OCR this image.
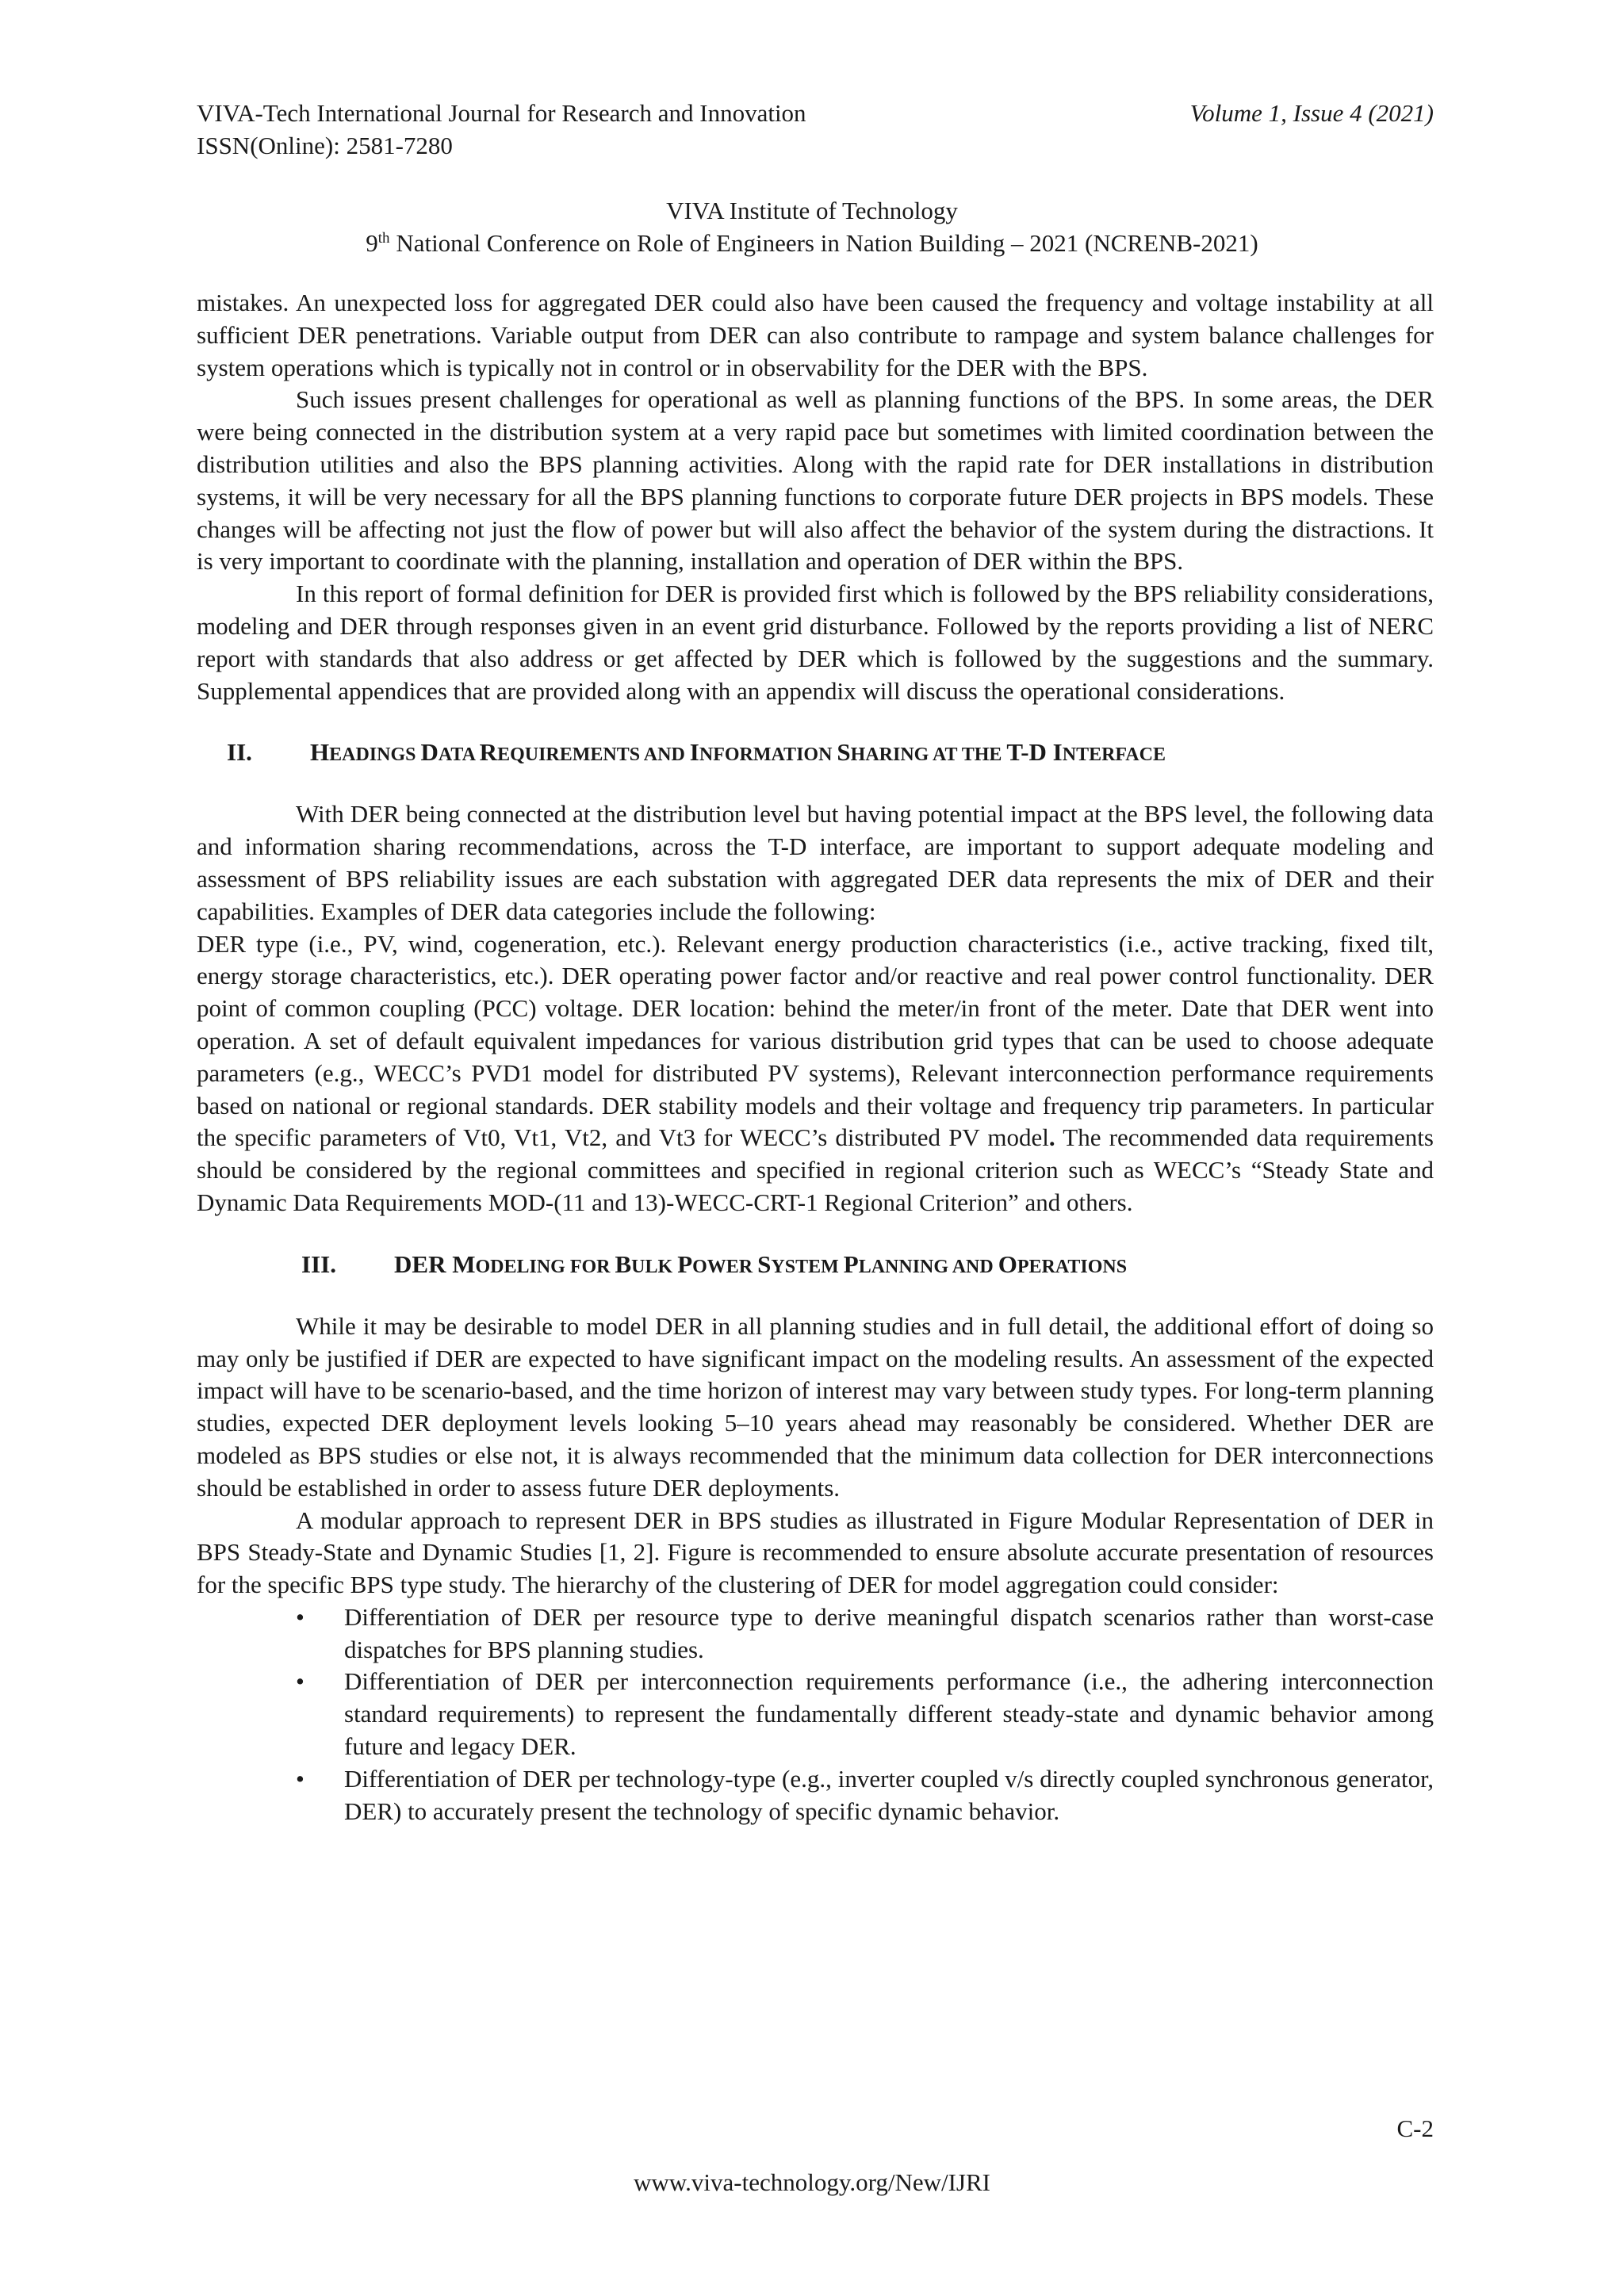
VIVA-Tech International Journal for Research and Innovation
ISSN(Online): 2581-7280
Volume 1, Issue 4 (2021)
VIVA Institute of Technology
9th National Conference on Role of Engineers in Nation Building – 2021 (NCRENB-2021)

mistakes. An unexpected loss for aggregated DER could also have been caused the frequency and voltage instability at all sufficient DER penetrations. Variable output from DER can also contribute to rampage and system balance challenges for system operations which is typically not in control or in observability for the DER with the BPS.

Such issues present challenges for operational as well as planning functions of the BPS. In some areas, the DER were being connected in the distribution system at a very rapid pace but sometimes with limited coordination between the distribution utilities and also the BPS planning activities. Along with the rapid rate for DER installations in distribution systems, it will be very necessary for all the BPS planning functions to corporate future DER projects in BPS models. These changes will be affecting not just the flow of power but will also affect the behavior of the system during the distractions. It is very important to coordinate with the planning, installation and operation of DER within the BPS.

In this report of formal definition for DER is provided first which is followed by the BPS reliability considerations, modeling and DER through responses given in an event grid disturbance. Followed by the reports providing a list of NERC report with standards that also address or get affected by DER which is followed by the suggestions and the summary. Supplemental appendices that are provided along with an appendix will discuss the operational considerations.

II.	HEADINGS DATA REQUIREMENTS AND INFORMATION SHARING AT THE T-D INTERFACE

With DER being connected at the distribution level but having potential impact at the BPS level, the following data and information sharing recommendations, across the T-D interface, are important to support adequate modeling and assessment of BPS reliability issues are each substation with aggregated DER data represents the mix of DER and their capabilities. Examples of DER data categories include the following:

DER type (i.e., PV, wind, cogeneration, etc.). Relevant energy production characteristics (i.e., active tracking, fixed tilt, energy storage characteristics, etc.). DER operating power factor and/or reactive and real power control functionality. DER point of common coupling (PCC) voltage. DER location: behind the meter/in front of the meter. Date that DER went into operation. A set of default equivalent impedances for various distribution grid types that can be used to choose adequate parameters (e.g., WECC’s PVD1 model for distributed PV systems), Relevant interconnection performance requirements based on national or regional standards. DER stability models and their voltage and frequency trip parameters. In particular the specific parameters of Vt0, Vt1, Vt2, and Vt3 for WECC’s distributed PV model. The recommended data requirements should be considered by the regional committees and specified in regional criterion such as WECC’s “Steady State and Dynamic Data Requirements MOD-(11 and 13)-WECC-CRT-1 Regional Criterion” and others.

III.	DER MODELING FOR BULK POWER SYSTEM PLANNING AND OPERATIONS

While it may be desirable to model DER in all planning studies and in full detail, the additional effort of doing so may only be justified if DER are expected to have significant impact on the modeling results. An assessment of the expected impact will have to be scenario-based, and the time horizon of interest may vary between study types. For long-term planning studies, expected DER deployment levels looking 5–10 years ahead may reasonably be considered. Whether DER are modeled as BPS studies or else not, it is always recommended that the minimum data collection for DER interconnections should be established in order to assess future DER deployments.

A modular approach to represent DER in BPS studies as illustrated in Figure Modular Representation of DER in BPS Steady-State and Dynamic Studies [1, 2]. Figure is recommended to ensure absolute accurate presentation of resources for the specific BPS type study. The hierarchy of the clustering of DER for model aggregation could consider:

• Differentiation of DER per resource type to derive meaningful dispatch scenarios rather than worst-case dispatches for BPS planning studies.
• Differentiation of DER per interconnection requirements performance (i.e., the adhering interconnection standard requirements) to represent the fundamentally different steady-state and dynamic behavior among future and legacy DER.
• Differentiation of DER per technology-type (e.g., inverter coupled v/s directly coupled synchronous generator, DER) to accurately present the technology of specific dynamic behavior.
C-2
www.viva-technology.org/New/IJRI
